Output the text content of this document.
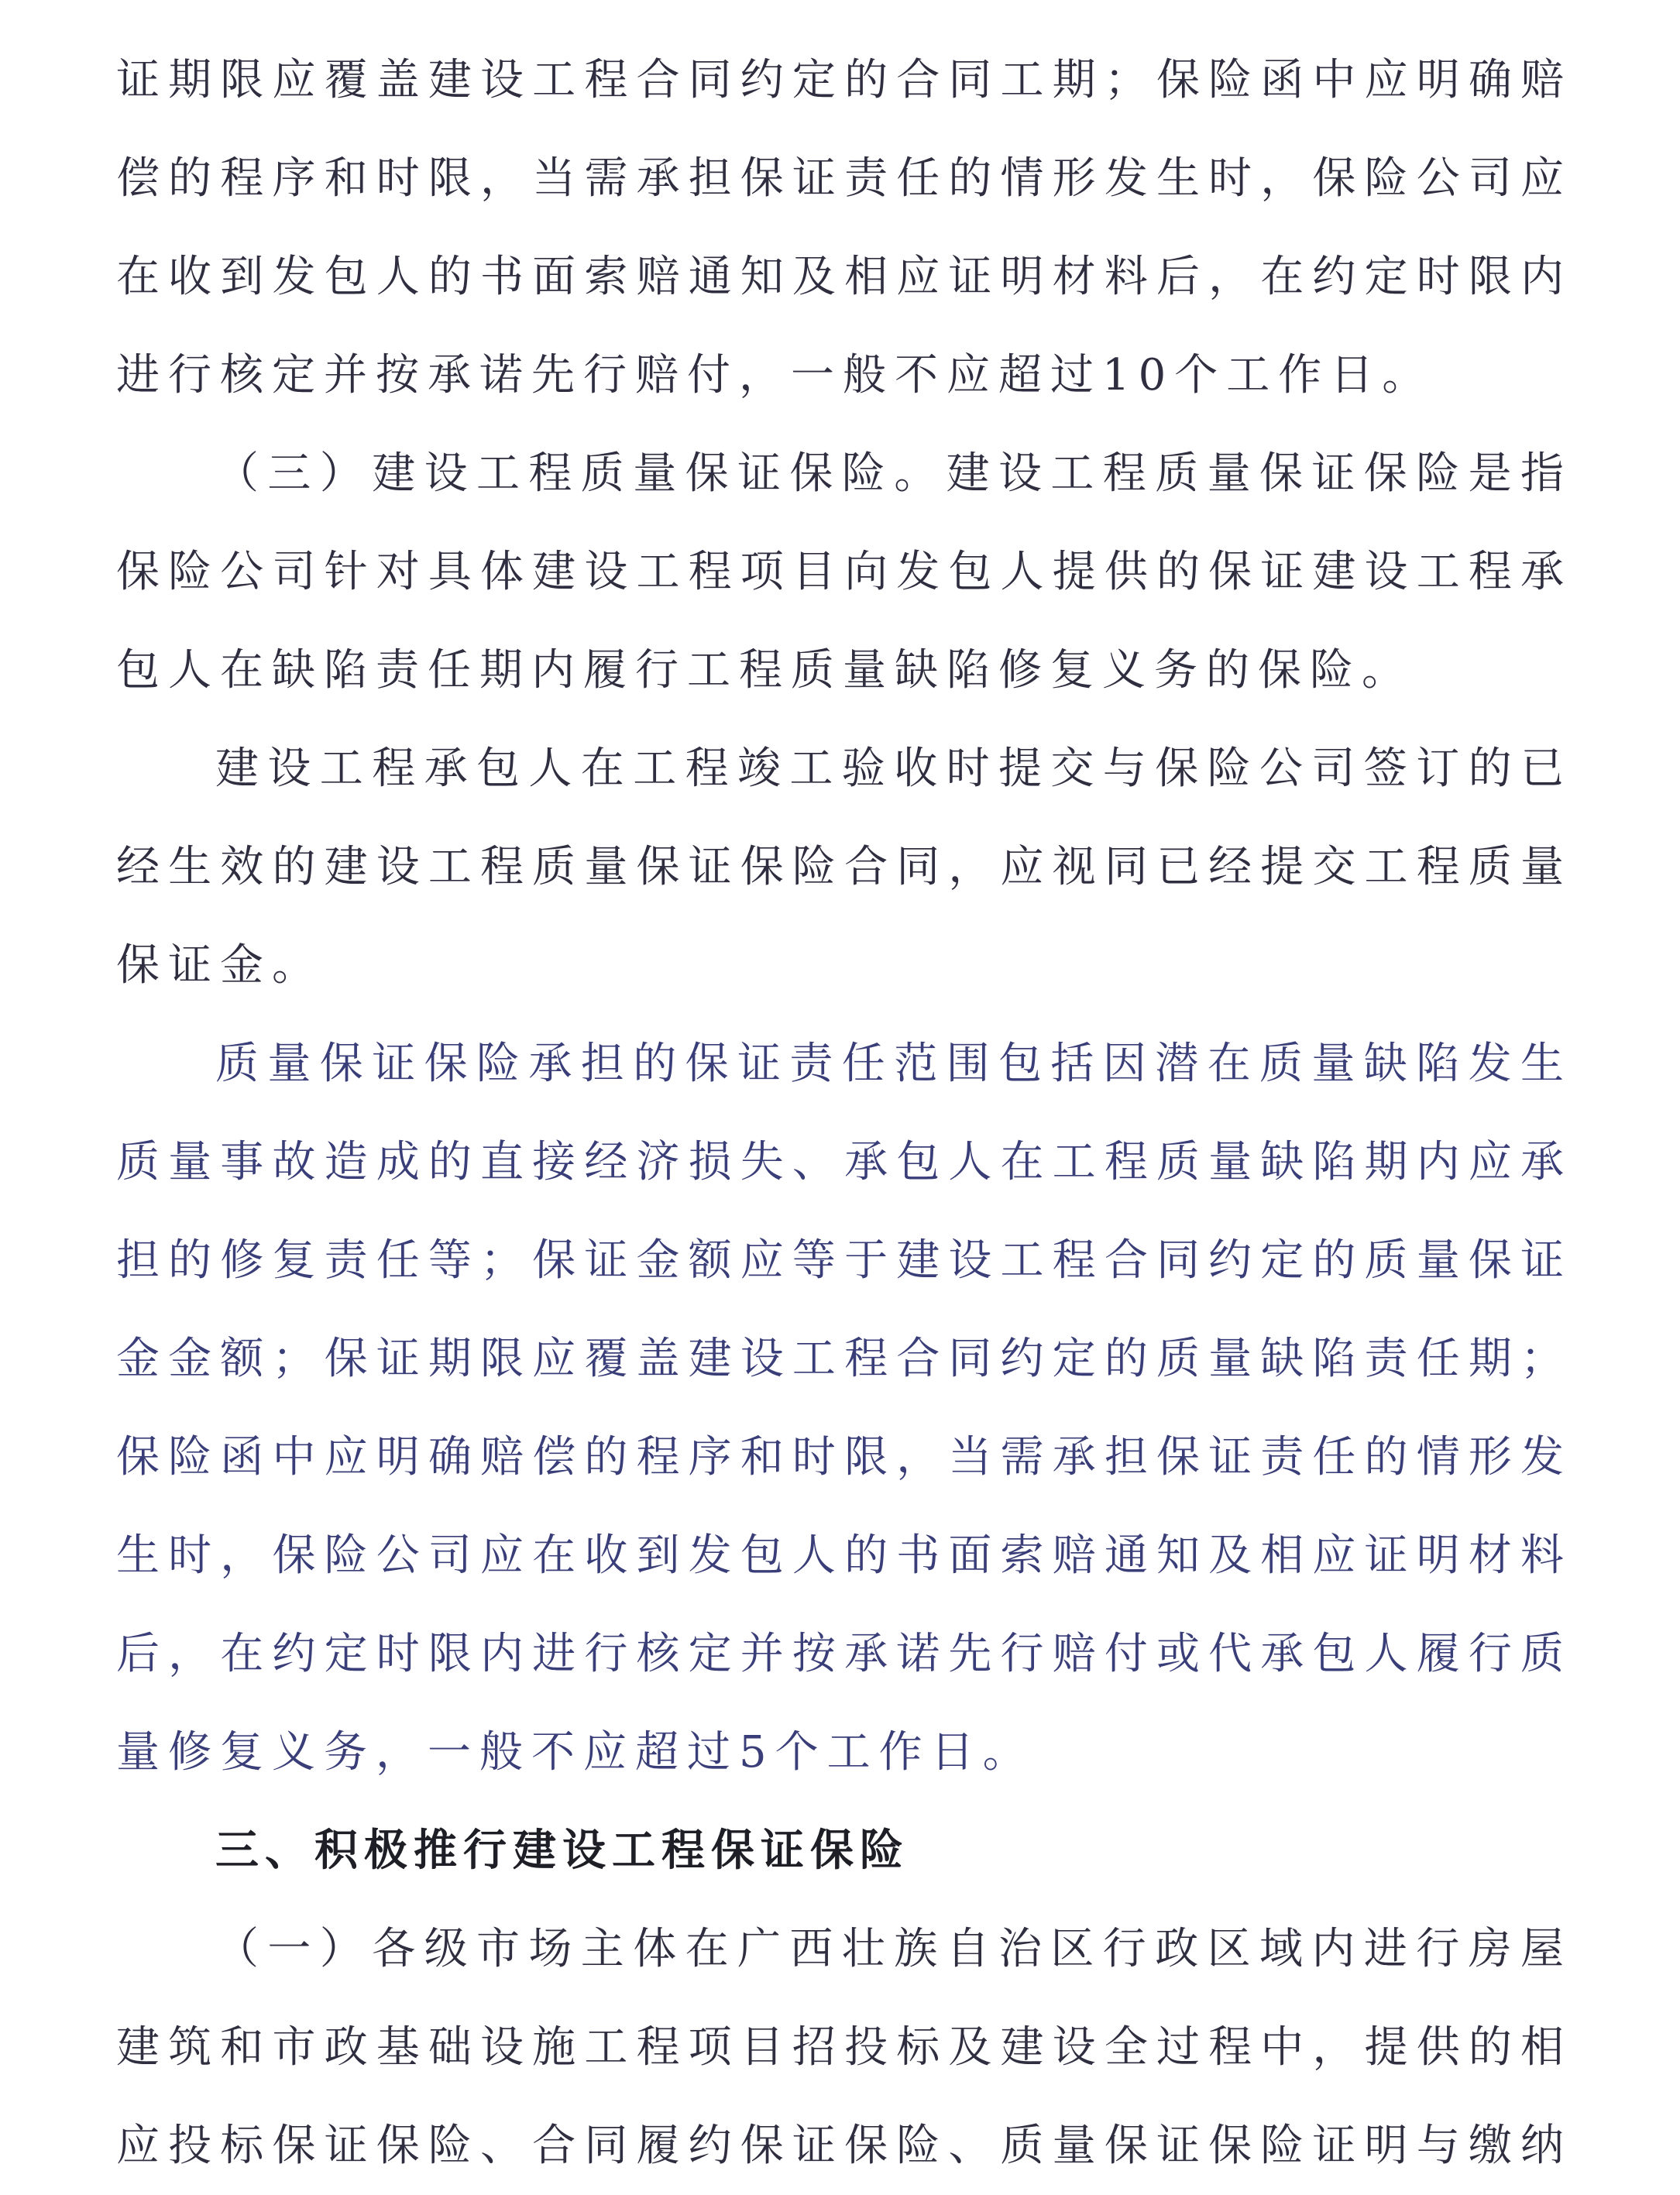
证期限应覆盖建设工程合同约定的合同工期；保险函中应明确赔
偿的程序和时限，当需承担保证责任的情形发生时，保险公司应
在收到发包人的书面索赔通知及相应证明材料后，在约定时限内
进行核定并按承诺先行赔付，一般不应超过10个工作日。
（三）建设工程质量保证保险。建设工程质量保证保险是指
保险公司针对具体建设工程项目向发包人提供的保证建设工程承
包人在缺陷责任期内履行工程质量缺陷修复义务的保险。
建设工程承包人在工程竣工验收时提交与保险公司签订的已
经生效的建设工程质量保证保险合同，应视同已经提交工程质量
保证金。
质量保证保险承担的保证责任范围包括因潜在质量缺陷发生
质量事故造成的直接经济损失、承包人在工程质量缺陷期内应承
担的修复责任等；保证金额应等于建设工程合同约定的质量保证
金金额；保证期限应覆盖建设工程合同约定的质量缺陷责任期；
保险函中应明确赔偿的程序和时限，当需承担保证责任的情形发
生时，保险公司应在收到发包人的书面索赔通知及相应证明材料
后，在约定时限内进行核定并按承诺先行赔付或代承包人履行质
量修复义务，一般不应超过5个工作日。
三、积极推行建设工程保证保险
（一）各级市场主体在广西壮族自治区行政区域内进行房屋
建筑和市政基础设施工程项目招投标及建设全过程中，提供的相
应投标保证保险、合同履约保证保险、质量保证保险证明与缴纳
